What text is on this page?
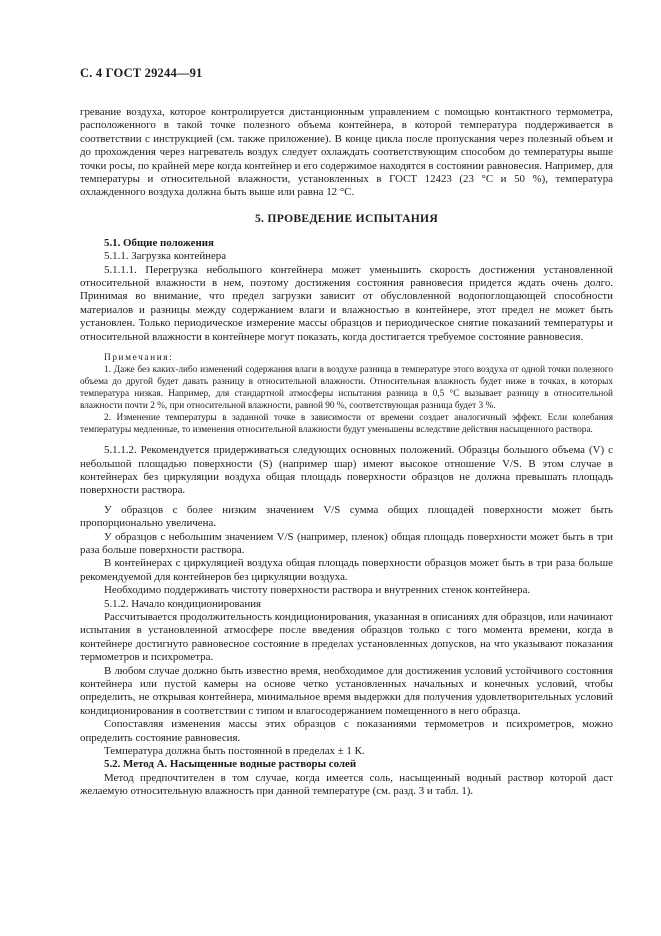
С. 4 ГОСТ 29244—91

гревание воздуха, которое контролируется дистанционным управлением с помощью контактного термометра, расположенного в такой точке полезного объема контейнера, в которой температура поддерживается в соответствии с инструкцией (см. также приложение). В конце цикла после пропускания через полезный объем и до прохождения через нагреватель воздух следует охлаждать соответствующим способом до температуры выше точки росы, по крайней мере когда контейнер и его содержимое находятся в состоянии равновесия. Например, для температуры и относительной влажности, установленных в ГОСТ 12423 (23 °С и 50 %), температура охлажденного воздуха должна быть выше или равна 12 °С.

5. ПРОВЕДЕНИЕ ИСПЫТАНИЯ

5.1. Общие положения

5.1.1. Загрузка контейнера

5.1.1.1. Перегрузка небольшого контейнера может уменьшить скорость достижения установленной относительной влажности в нем, поэтому достижения состояния равновесия придется ждать очень долго. Принимая во внимание, что предел загрузки зависит от обусловленной водопоглощающей способности материалов и разницы между содержанием влаги и влажностью в контейнере, этот предел не может быть установлен. Только периодическое измерение массы образцов и периодическое снятие показаний температуры и относительной влажности в контейнере могут показать, когда достигается требуемое состояние равновесия.

Примечания:

1. Даже без каких-либо изменений содержания влаги в воздухе разница в температуре этого воздуха от одной точки полезного объема до другой будет давать разницу в относительной влажности. Относительная влажность будет ниже в точках, в которых температура низкая. Например, для стандартной атмосферы испытания разница в 0,5 °С вызывает разницу в относительной влажности почти 2 %, при относительной влажности, равной 90 %, соответствующая разница будет 3 %.

2. Изменение температуры в заданной точке в зависимости от времени создает аналогичный эффект. Если колебания температуры медленные, то изменения относительной влажности будут уменьшены вследствие действия насыщенного раствора.

5.1.1.2. Рекомендуется придерживаться следующих основных положений. Образцы большого объема (V) с небольшой площадью поверхности (S) (например шар) имеют высокое отношение V/S. В этом случае в контейнерах без циркуляции воздуха общая площадь поверхности образцов не должна превышать площадь поверхности раствора.

У образцов с более низким значением V/S сумма общих площадей поверхности может быть пропорционально увеличена.

У образцов с небольшим значением V/S (например, пленок) общая площадь поверхности может быть в три раза больше поверхности раствора.

В контейнерах с циркуляцией воздуха общая площадь поверхности образцов может быть в три раза больше рекомендуемой для контейнеров без циркуляции воздуха.

Необходимо поддерживать чистоту поверхности раствора и внутренних стенок контейнера.

5.1.2. Начало кондиционирования

Рассчитывается продолжительность кондиционирования, указанная в описаниях для образцов, или начинают испытания в установленной атмосфере после введения образцов только с того момента времени, когда в контейнере достигнуто равновесное состояние в пределах установленных допусков, на что указывают показания термометров и психрометра.

В любом случае должно быть известно время, необходимое для достижения условий устойчивого состояния контейнера или пустой камеры на основе четко установленных начальных и конечных условий, чтобы определить, не открывая контейнера, минимальное время выдержки для получения удовлетворительных условий кондиционирования в соответствии с типом и влагосодержанием помещенного в него образца.

Сопоставляя изменения массы этих образцов с показаниями термометров и психрометров, можно определить состояние равновесия.

Температура должна быть постоянной в пределах ± 1 К.

5.2. Метод А. Насыщенные водные растворы солей

Метод предпочтителен в том случае, когда имеется соль, насыщенный водный раствор которой даст желаемую относительную влажность при данной температуре (см. разд. 3 и табл. 1).
